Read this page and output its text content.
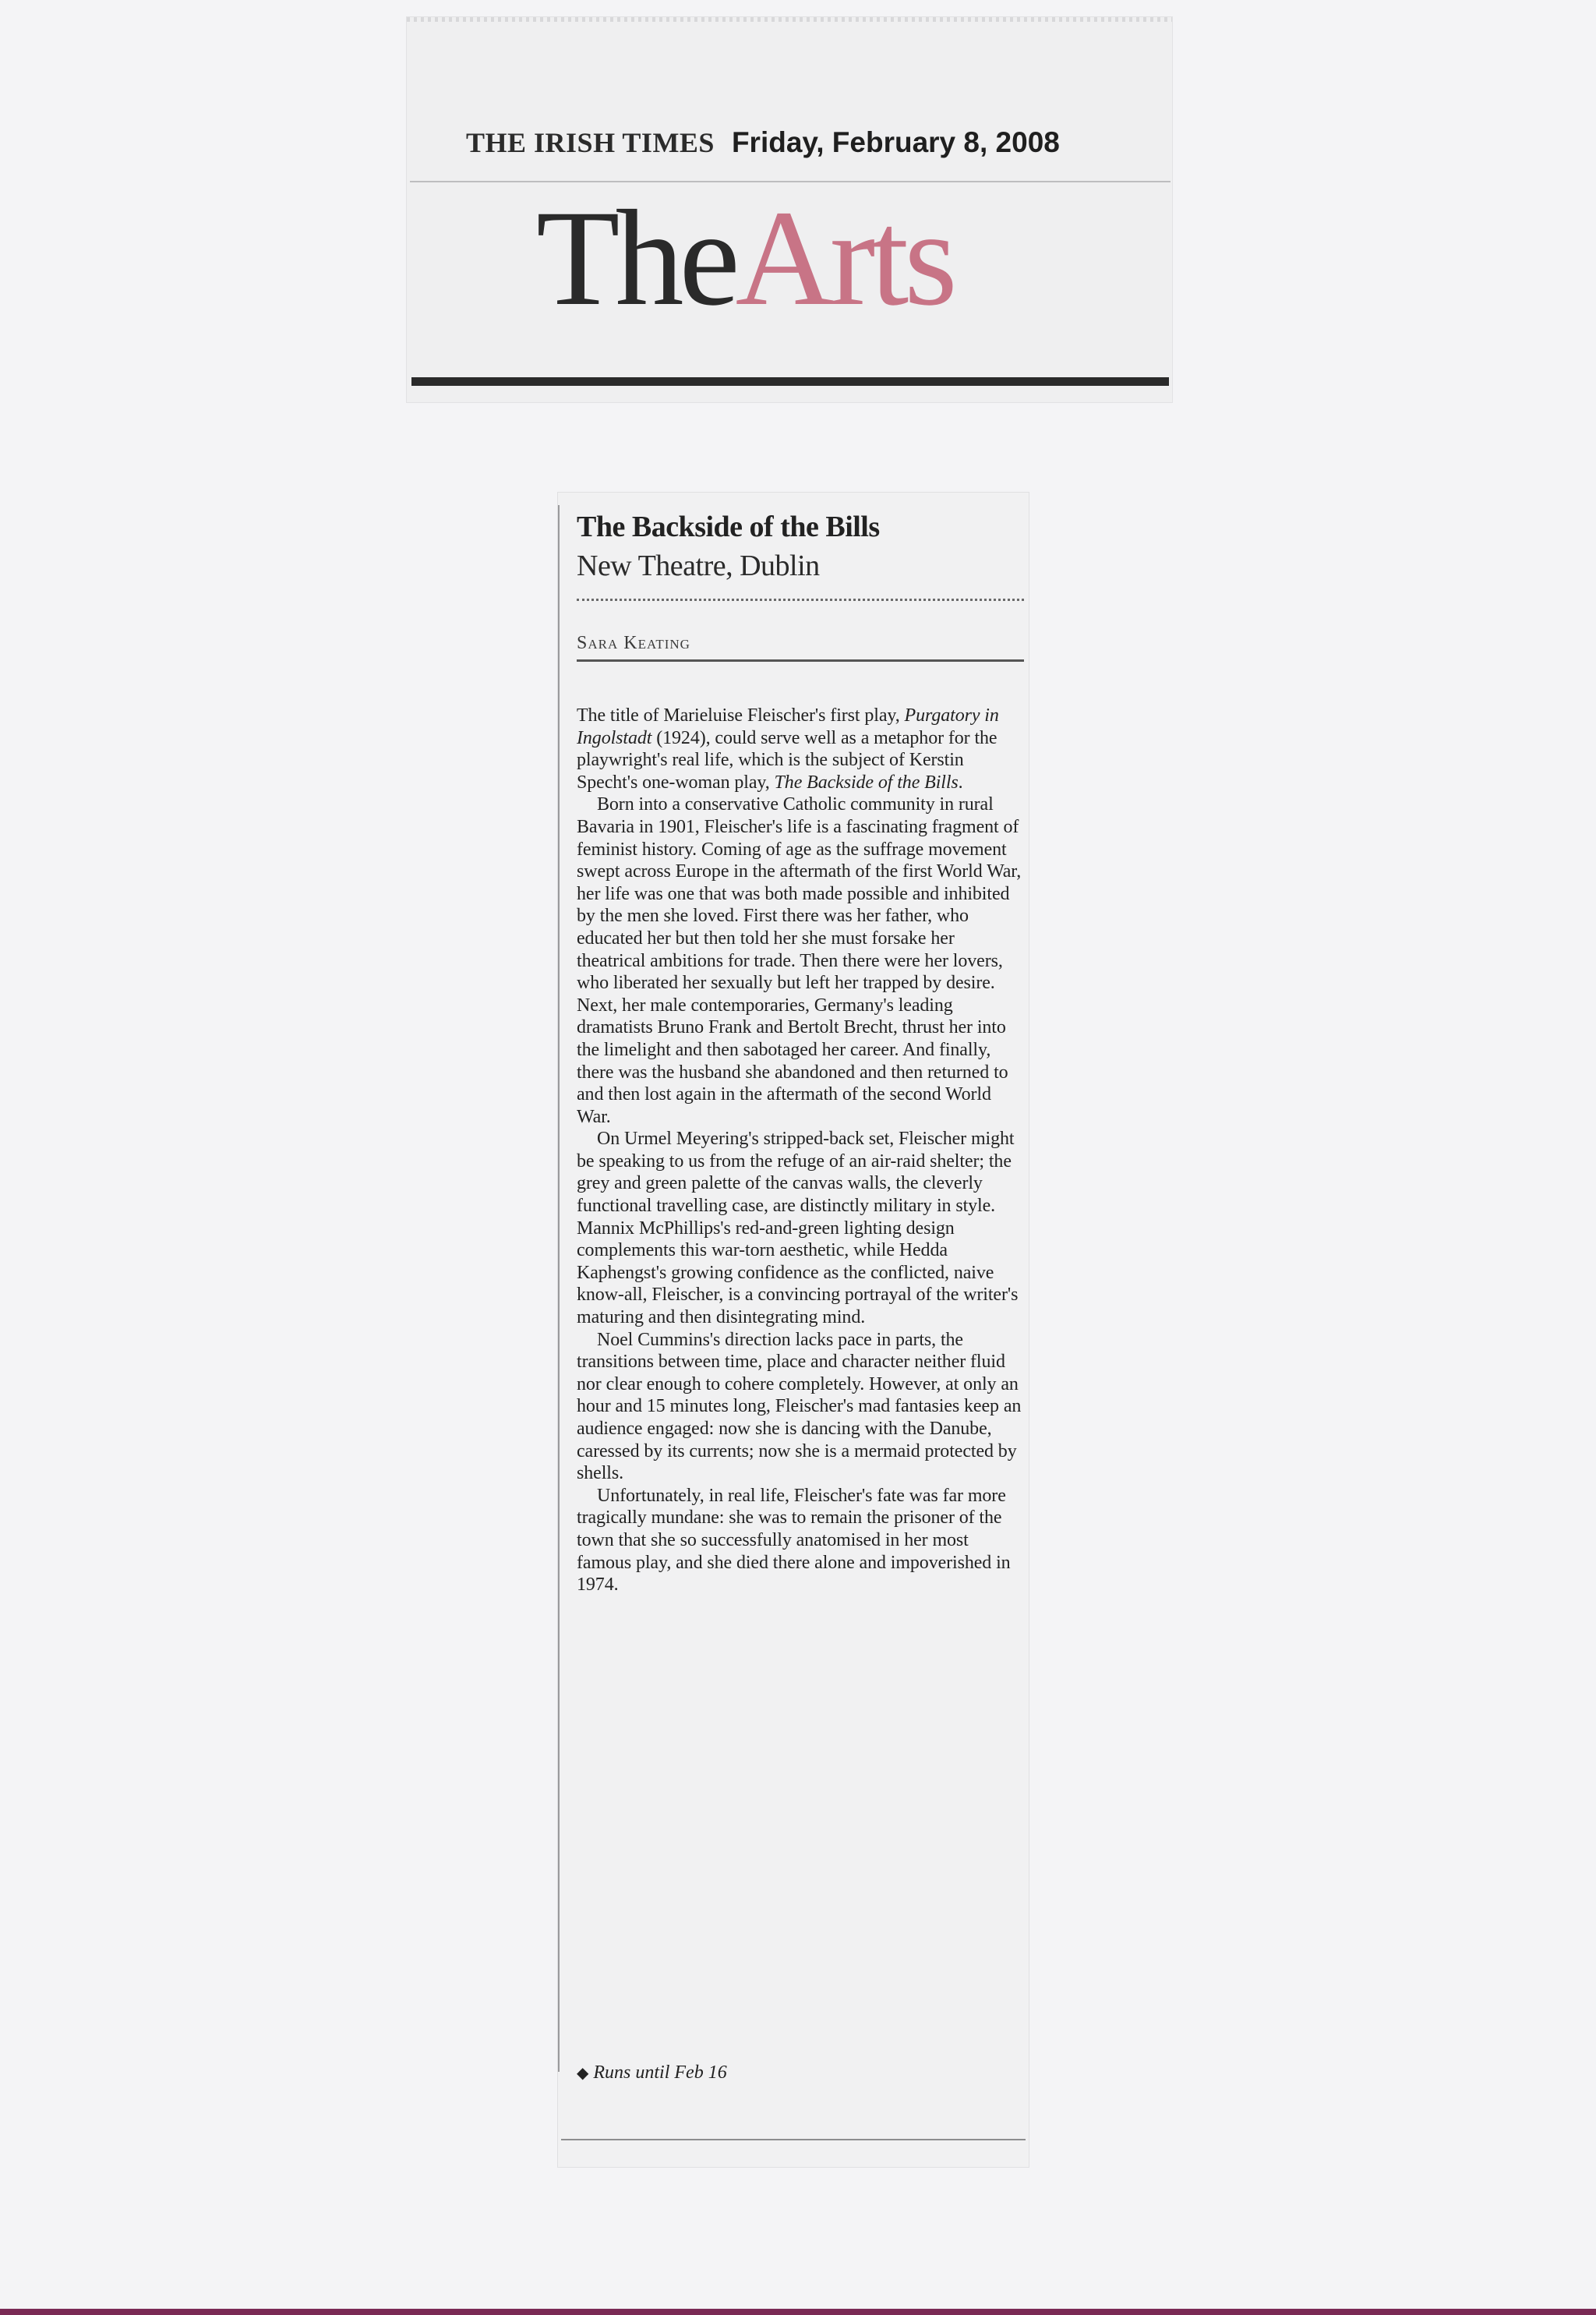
THE IRISH TIMES Friday, February 8, 2008
TheArts
The Backside of the Bills
New Theatre, Dublin
Sara Keating

The title of Marieluise Fleischer's first play, Purgatory in Ingolstadt (1924), could serve well as a metaphor for the playwright's real life, which is the subject of Kerstin Specht's one-woman play, The Backside of the Bills.

Born into a conservative Catholic community in rural Bavaria in 1901, Fleischer's life is a fascinating fragment of feminist history. Coming of age as the suffrage movement swept across Europe in the aftermath of the first World War, her life was one that was both made possible and inhibited by the men she loved. First there was her father, who educated her but then told her she must forsake her theatrical ambitions for trade. Then there were her lovers, who liberated her sexually but left her trapped by desire. Next, her male contemporaries, Germany's leading dramatists Bruno Frank and Bertolt Brecht, thrust her into the limelight and then sabotaged her career. And finally, there was the husband she abandoned and then returned to and then lost again in the aftermath of the second World War.

On Urmel Meyering's stripped-back set, Fleischer might be speaking to us from the refuge of an air-raid shelter; the grey and green palette of the canvas walls, the cleverly functional travelling case, are distinctly military in style. Mannix McPhillips's red-and-green lighting design complements this war-torn aesthetic, while Hedda Kaphengst's growing confidence as the conflicted, naive know-all, Fleischer, is a convincing portrayal of the writer's maturing and then disintegrating mind.

Noel Cummins's direction lacks pace in parts, the transitions between time, place and character neither fluid nor clear enough to cohere completely. However, at only an hour and 15 minutes long, Fleischer's mad fantasies keep an audience engaged: now she is dancing with the Danube, caressed by its currents; now she is a mermaid protected by shells.

Unfortunately, in real life, Fleischer's fate was far more tragically mundane: she was to remain the prisoner of the town that she so successfully anatomised in her most famous play, and she died there alone and impoverished in 1974.

◆ Runs until Feb 16
